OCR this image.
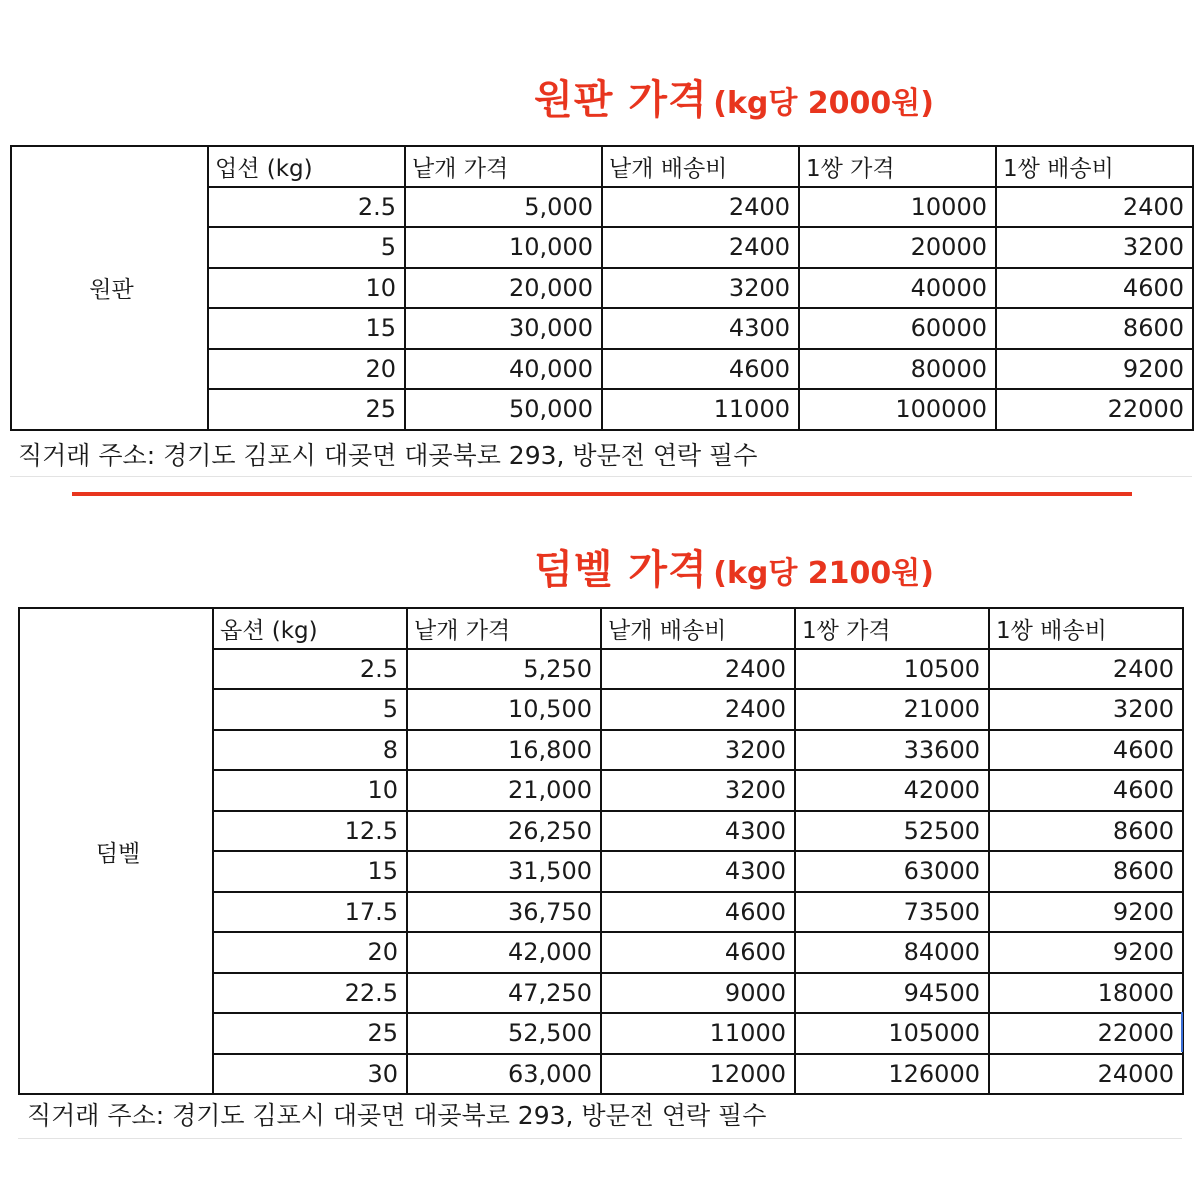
원판 가격 (kg당 2000원)
원판	업션 (kg)	낱개 가격	낱개 배송비	1쌍 가격	1쌍 배송비
	2.5	5,000	2400	10000	2400
	5	10,000	2400	20000	3200
	10	20,000	3200	40000	4600
	15	30,000	4300	60000	8600
	20	40,000	4600	80000	9200
	25	50,000	11000	100000	22000
직거래 주소: 경기도 김포시 대곶면 대곶북로 293, 방문전 연락 필수
덤벨 가격 (kg당 2100원)
덤벨	옵션 (kg)	낱개 가격	낱개 배송비	1쌍 가격	1쌍 배송비
	2.5	5,250	2400	10500	2400
	5	10,500	2400	21000	3200
	8	16,800	3200	33600	4600
	10	21,000	3200	42000	4600
	12.5	26,250	4300	52500	8600
	15	31,500	4300	63000	8600
	17.5	36,750	4600	73500	9200
	20	42,000	4600	84000	9200
	22.5	47,250	9000	94500	18000
	25	52,500	11000	105000	22000
	30	63,000	12000	126000	24000
직거래 주소: 경기도 김포시 대곶면 대곶북로 293, 방문전 연락 필수
